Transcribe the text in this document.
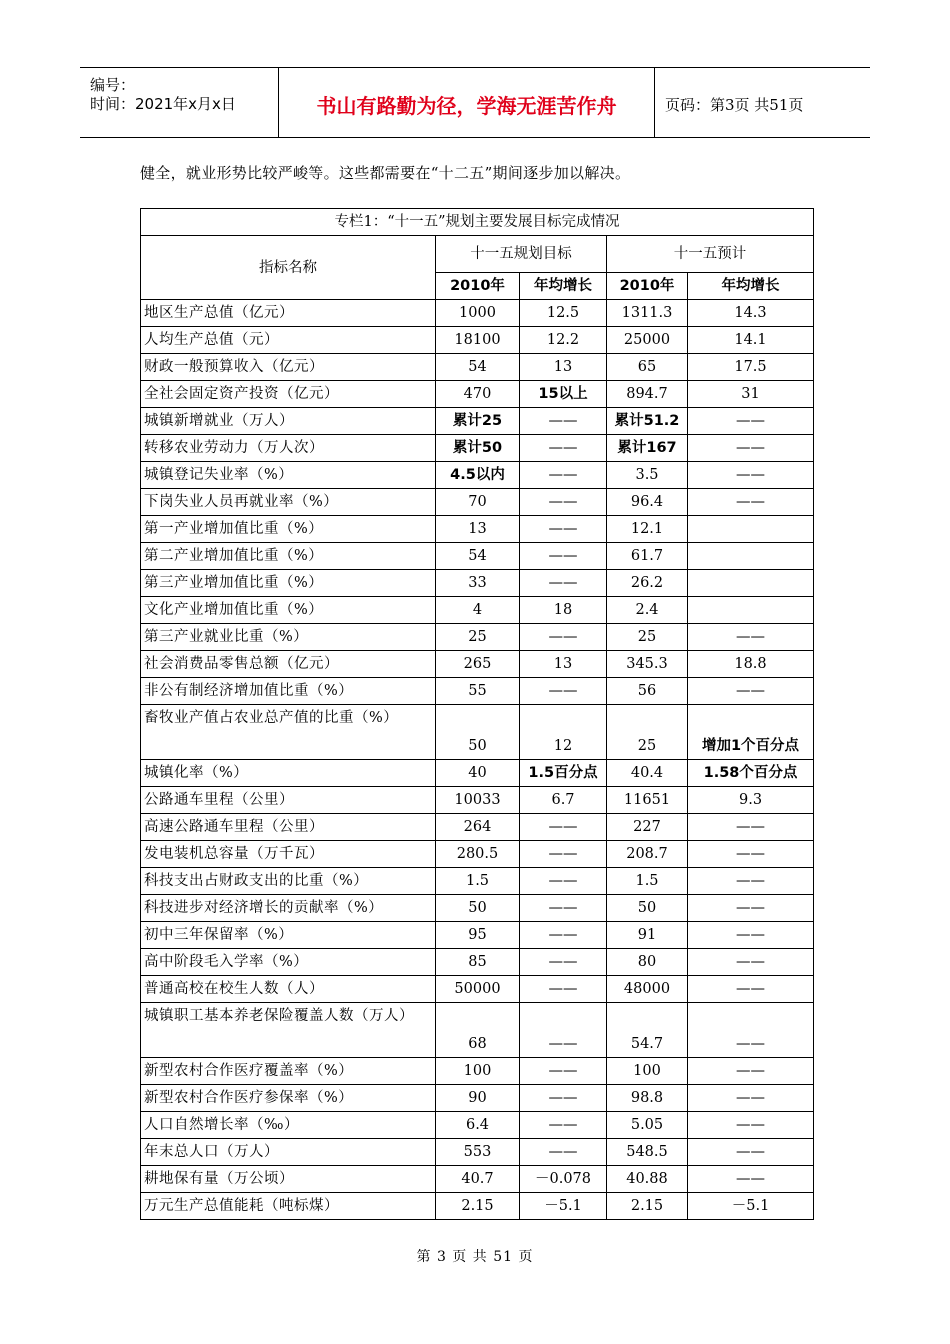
编号：
时间：2021年x月x日	书山有路勤为径，学海无涯苦作舟	页码：第3页 共51页
健全，就业形势比较严峻等。这些都需要在“十二五”期间逐步加以解决。
专栏1：“十一五”规划主要发展目标完成情况				
指标名称	十一五规划目标		十一五预计	
	2010年	年均增长	2010年	年均增长
地区生产总值（亿元）	1000	12.5	1311.3	14.3
人均生产总值（元）	18100	12.2	25000	14.1
财政一般预算收入（亿元）	54	13	65	17.5
全社会固定资产投资（亿元）	470	15以上	894.7	31
城镇新增就业（万人）	累计25	——	累计51.2	——
转移农业劳动力（万人次）	累计50	——	累计167	——
城镇登记失业率（%）	4.5以内	——	3.5	——
下岗失业人员再就业率（%）	70	——	96.4	——
第一产业增加值比重（%）	13	——	12.1	
第二产业增加值比重（%）	54	——	61.7	
第三产业增加值比重（%）	33	——	26.2	
文化产业增加值比重（%）	4	18	2.4	
第三产业就业比重（%）	25	——	25	——
社会消费品零售总额（亿元）	265	13	345.3	18.8
非公有制经济增加值比重（%）	55	——	56	——
畜牧业产值占农业总产值的比重（%）	50	12	25	增加1个百分点
城镇化率（%）	40	1.5百分点	40.4	1.58个百分点
公路通车里程（公里）	10033	6.7	11651	9.3
高速公路通车里程（公里）	264	——	227	——
发电装机总容量（万千瓦）	280.5	——	208.7	——
科技支出占财政支出的比重（%）	1.5	——	1.5	——
科技进步对经济增长的贡献率（%）	50	——	50	——
初中三年保留率（%）	95	——	91	——
高中阶段毛入学率（%）	85	——	80	——
普通高校在校生人数（人）	50000	——	48000	——
城镇职工基本养老保险覆盖人数（万人）	68	——	54.7	——
新型农村合作医疗覆盖率（%）	100	——	100	——
新型农村合作医疗参保率（%）	90	——	98.8	——
人口自然增长率（‰）	6.4	——	5.05	——
年末总人口（万人）	553	——	548.5	——
耕地保有量（万公顷）	40.7	－0.078	40.88	——
万元生产总值能耗（吨标煤）	2.15	－5.1	2.15	－5.1
第 3 页 共 51 页
